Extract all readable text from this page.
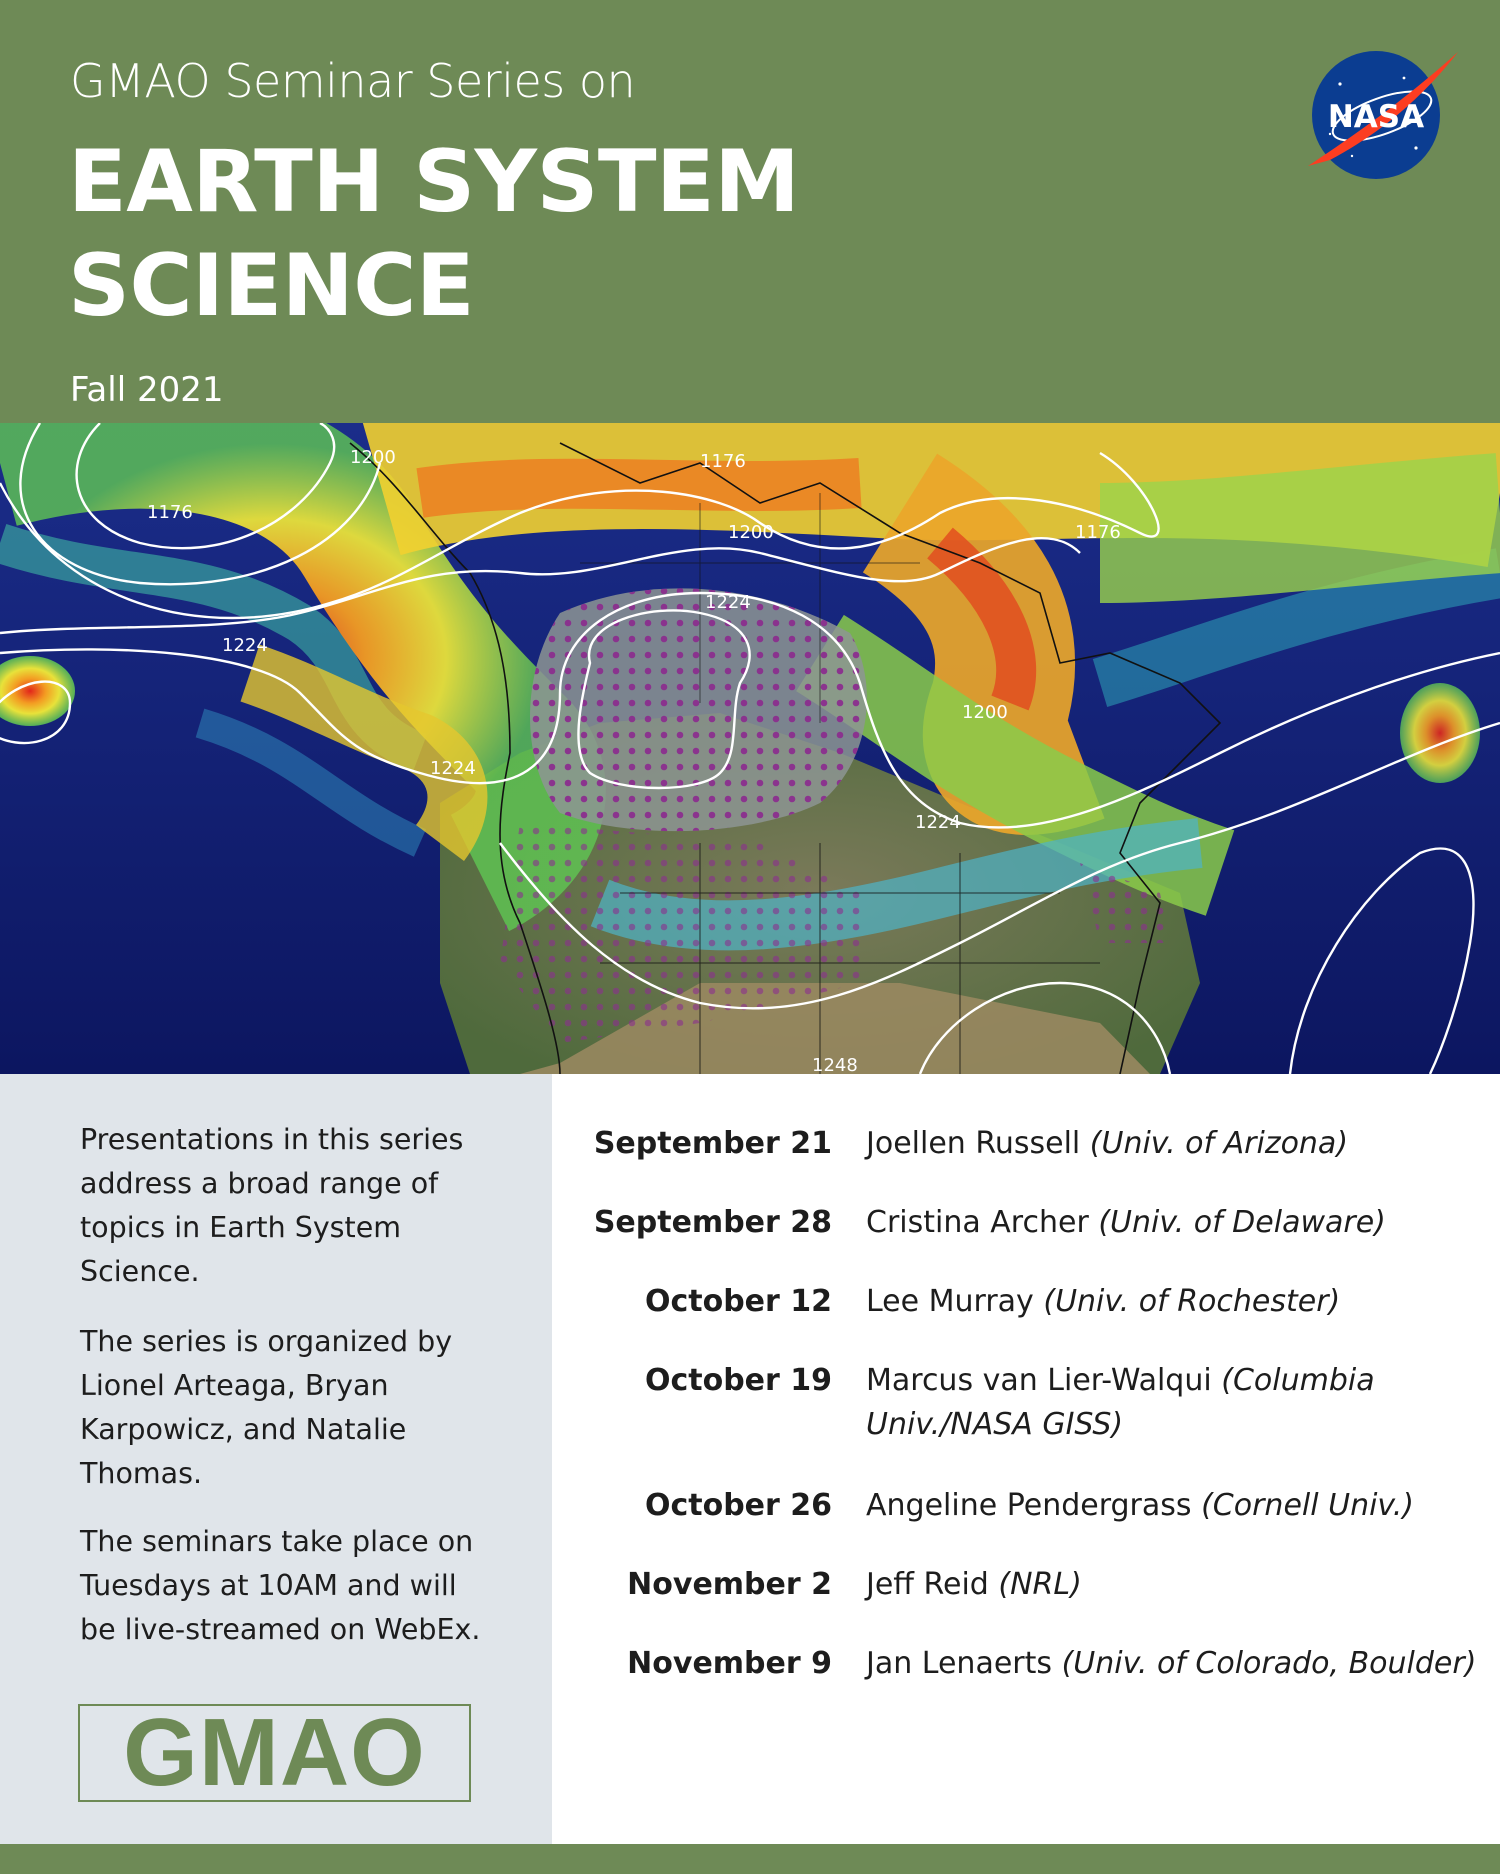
GMAO Seminar Series on
EARTH SYSTEM
SCIENCE
Fall 2021
NASA
1200
1176
1176
1176
1200
1224
1224
1224
1200
1224
1248

Presentations in this series address a broad range of topics in Earth System Science.

The series is organized by Lionel Arteaga, Bryan Karpowicz, and Natalie Thomas.

The seminars take place on Tuesdays at 10AM and will be live-streamed on WebEx.

GMAO
September 21 Joellen Russell (Univ. of Arizona)
September 28 Cristina Archer (Univ. of Delaware)
October 12 Lee Murray (Univ. of Rochester)
October 19 Marcus van Lier-Walqui (Columbia Univ./NASA GISS)
October 26 Angeline Pendergrass (Cornell Univ.)
November 2 Jeff Reid (NRL)
November 9 Jan Lenaerts (Univ. of Colorado, Boulder)
